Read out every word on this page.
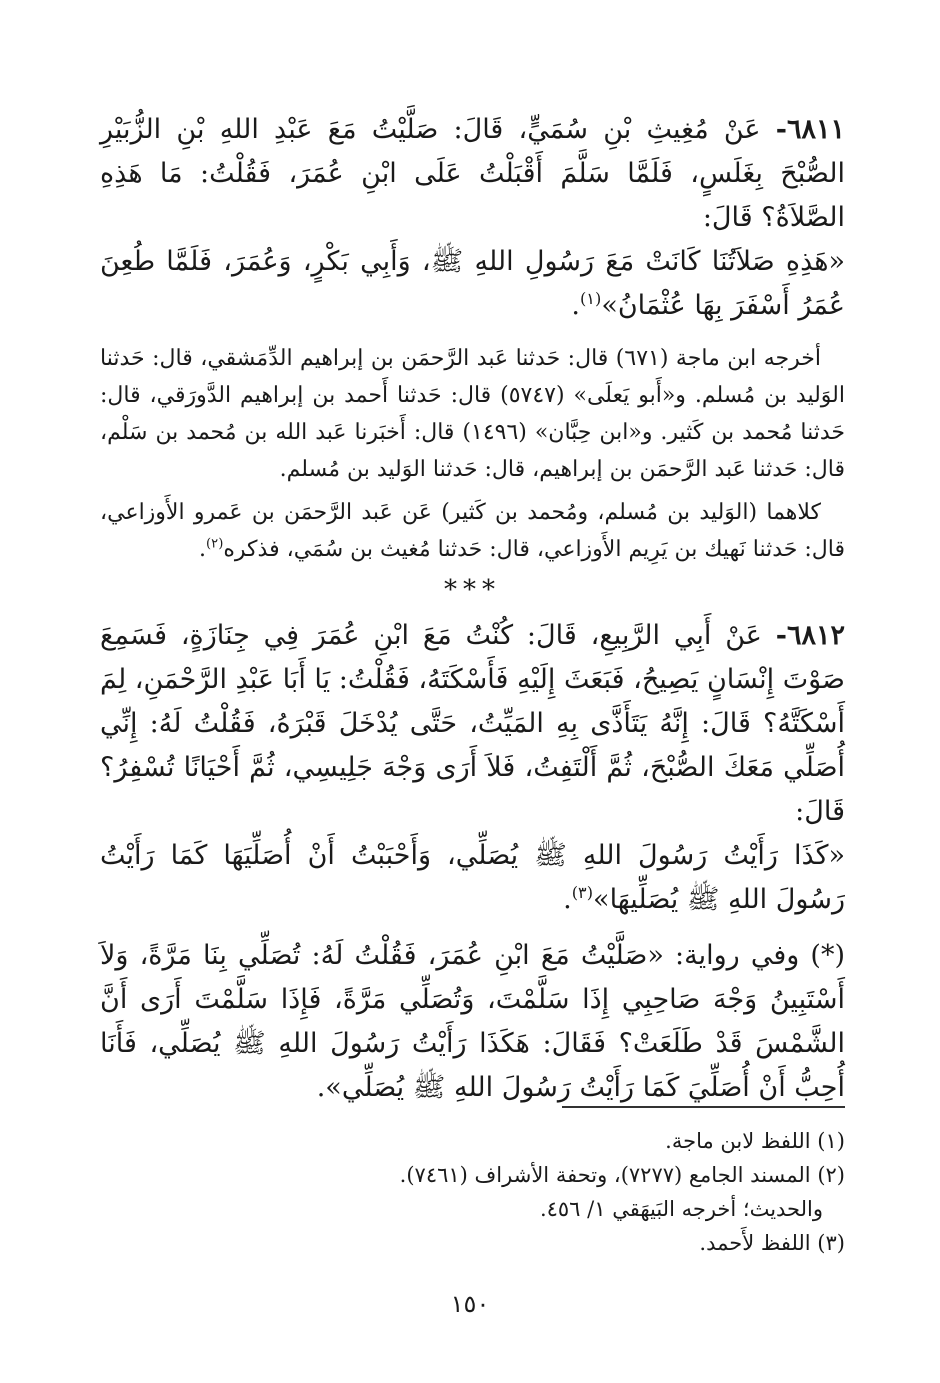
٦٨١١- عَنْ مُغِيثِ بْنِ سُمَيٍّ، قَالَ: صَلَّيْتُ مَعَ عَبْدِ اللهِ بْنِ الزُّبَيْرِ الصُّبْحَ بِغَلَسٍ، فَلَمَّا سَلَّمَ أَقْبَلْتُ عَلَى ابْنِ عُمَرَ، فَقُلْتُ: مَا هَذِهِ الصَّلاَةُ؟ قَالَ:

«هَذِهِ صَلاَتُنَا كَانَتْ مَعَ رَسُولِ اللهِ ﷺ، وَأَبِي بَكْرٍ، وَعُمَرَ، فَلَمَّا طُعِنَ عُمَرُ أَسْفَرَ بِهَا عُثْمَانُ»$^{(١)}$.

أخرجه ابن ماجة (٦٧١) قال: حَدثنا عَبد الرَّحمَن بن إبراهيم الدِّمَشقي، قال: حَدثنا الوَليد بن مُسلم. و«أَبو يَعلَى» (٥٧٤٧) قال: حَدثنا أَحمد بن إبراهيم الدَّورَقي، قال: حَدثنا مُحمد بن كَثير. و«ابن حِبَّان» (١٤٩٦) قال: أَخبَرنا عَبد الله بن مُحمد بن سَلْم، قال: حَدثنا عَبد الرَّحمَن بن إبراهيم، قال: حَدثنا الوَليد بن مُسلم.

كلاهما (الوَليد بن مُسلم، ومُحمد بن كَثير) عَن عَبد الرَّحمَن بن عَمرو الأَوزاعي، قال: حَدثنا نَهيك بن يَرِيم الأَوزاعي، قال: حَدثنا مُغيث بن سُمَي، فذكره$^{(٢)}$.

***

٦٨١٢- عَنْ أَبِي الرَّبِيعِ، قَالَ: كُنْتُ مَعَ ابْنِ عُمَرَ فِي جِنَازَةٍ، فَسَمِعَ صَوْتَ إِنْسَانٍ يَصِيحُ، فَبَعَثَ إِلَيْهِ فَأَسْكَتَهُ، فَقُلْتُ: يَا أَبَا عَبْدِ الرَّحْمَنِ، لِمَ أَسْكَتَّهُ؟ قَالَ: إِنَّهُ يَتَأَذَّى بِهِ المَيِّتُ، حَتَّى يُدْخَلَ قَبْرَهُ، فَقُلْتُ لَهُ: إِنِّي أُصَلِّي مَعَكَ الصُّبْحَ، ثُمَّ أَلْتَفِتُ، فَلاَ أَرَى وَجْهَ جَلِيسِي، ثُمَّ أَحْيَانًا تُسْفِرُ؟ قَالَ:

«كَذَا رَأَيْتُ رَسُولَ اللهِ ﷺ يُصَلِّي، وَأَحْبَبْتُ أَنْ أُصَلِّيَهَا كَمَا رَأَيْتُ رَسُولَ اللهِ ﷺ يُصَلِّيهَا»$^{(٣)}$.

(*) وفي رواية: «صَلَّيْتُ مَعَ ابْنِ عُمَرَ، فَقُلْتُ لَهُ: تُصَلِّي بِنَا مَرَّةً، وَلاَ أَسْتَبِينُ وَجْهَ صَاحِبِي إِذَا سَلَّمْتَ، وَتُصَلِّي مَرَّةً، فَإِذَا سَلَّمْتَ أَرَى أَنَّ الشَّمْسَ قَدْ طَلَعَتْ؟ فَقَالَ: هَكَذَا رَأَيْتُ رَسُولَ اللهِ ﷺ يُصَلِّي، فَأَنَا أُحِبُّ أَنْ أُصَلِّيَ كَمَا رَأَيْتُ رَسُولَ اللهِ ﷺ يُصَلِّي».

(١) اللفظ لابن ماجة.

(٢) المسند الجامع (٧٢٧٧)، وتحفة الأشراف (٧٤٦١).

والحديث؛ أخرجه البَيهَقي ١/ ٤٥٦.

(٣) اللفظ لأَحمد.

١٥٠
